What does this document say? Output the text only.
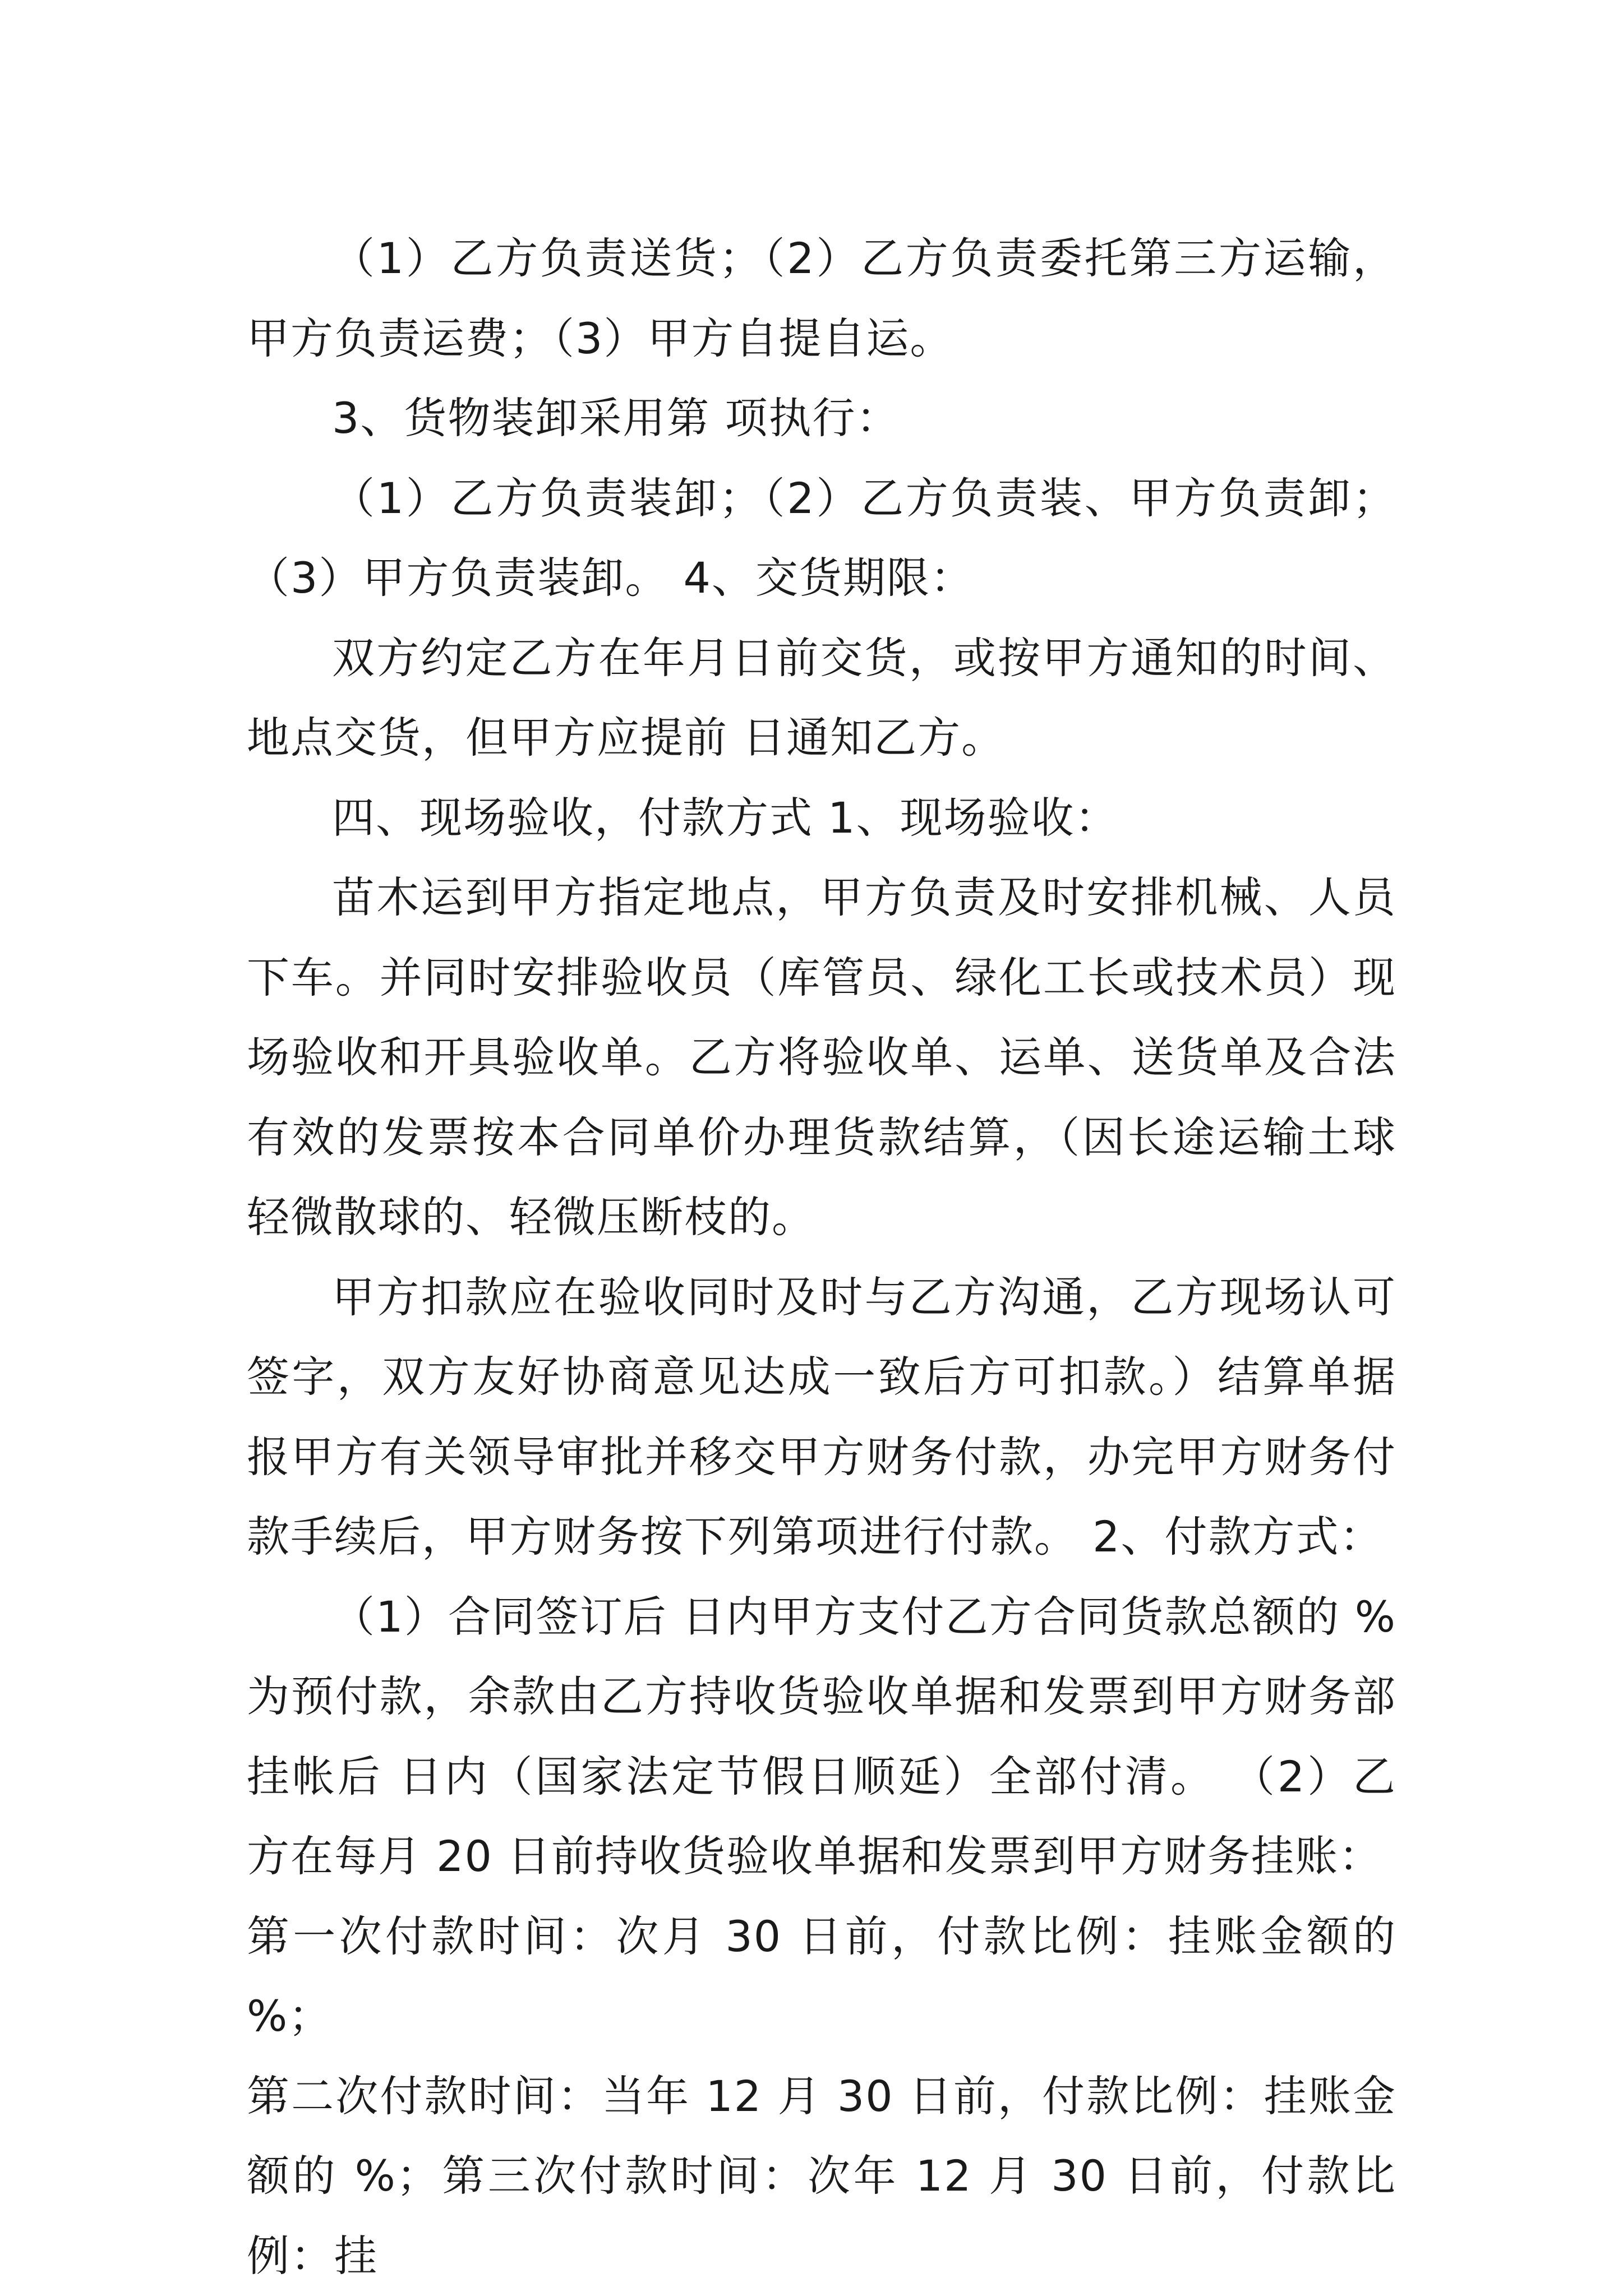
（1）乙方负责送货；（2）乙方负责委托第三方运输，甲方负责运费；（3）甲方自提自运。

3、货物装卸采用第 项执行：

（1）乙方负责装卸；（2）乙方负责装、甲方负责卸；（3）甲方负责装卸。 4、交货期限：

双方约定乙方在年月日前交货，或按甲方通知的时间、地点交货，但甲方应提前 日通知乙方。

四、现场验收，付款方式 1、现场验收：

苗木运到甲方指定地点，甲方负责及时安排机械、人员下车。并同时安排验收员（库管员、绿化工长或技术员）现场验收和开具验收单。乙方将验收单、运单、送货单及合法有效的发票按本合同单价办理货款结算，（因长途运输土球轻微散球的、轻微压断枝的。

甲方扣款应在验收同时及时与乙方沟通，乙方现场认可签字，双方友好协商意见达成一致后方可扣款。）结算单据报甲方有关领导审批并移交甲方财务付款，办完甲方财务付款手续后，甲方财务按下列第项进行付款。 2、付款方式：

（1）合同签订后 日内甲方支付乙方合同货款总额的 %为预付款，余款由乙方持收货验收单据和发票到甲方财务部挂帐后 日内（国家法定节假日顺延）全部付清。 （2）乙方在每月 20 日前持收货验收单据和发票到甲方财务挂账：

第一次付款时间：次月 30 日前，付款比例：挂账金额的 %；

第二次付款时间：当年 12 月 30 日前，付款比例：挂账金额的 %；第三次付款时间：次年 12 月 30 日前，付款比例：挂
